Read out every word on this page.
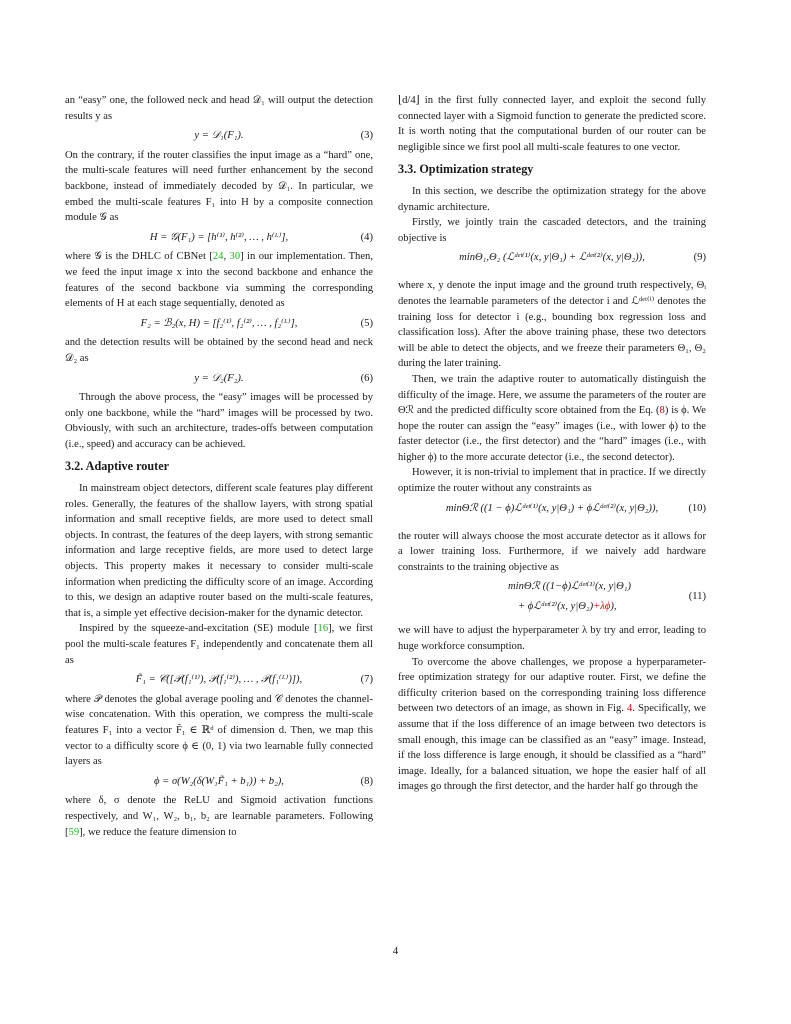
an “easy” one, the followed neck and head 𝒟₁ will output the detection results y as

y = 𝒟₁(F₁).	(3)

On the contrary, if the router classifies the input image as a “hard” one, the multi-scale features will need further enhancement by the second backbone, instead of immediately decoded by 𝒟₁. In particular, we embed the multi-scale features F₁ into H by a composite connection module 𝒢 as

H = 𝒢(F₁) = [h⁽¹⁾, h⁽²⁾, … , h⁽ᴸ⁾],	(4)

where 𝒢 is the DHLC of CBNet [24, 30] in our implementation. Then, we feed the input image x into the second backbone and enhance the features of the second backbone via summing the corresponding elements of H at each stage sequentially, denoted as

F₂ = ℬ₂(x, H) = [f₂⁽¹⁾, f₂⁽²⁾, … , f₂⁽ᴸ⁾],	(5)

and the detection results will be obtained by the second head and neck 𝒟₂ as

y = 𝒟₂(F₂).	(6)

Through the above process, the “easy” images will be processed by only one backbone, while the “hard” images will be processed by two. Obviously, with such an architecture, trades-offs between computation (i.e., speed) and accuracy can be achieved.

3.2. Adaptive router

In mainstream object detectors, different scale features play different roles. Generally, the features of the shallow layers, with strong spatial information and small receptive fields, are more used to detect small objects. In contrast, the features of the deep layers, with strong semantic information and large receptive fields, are more used to detect large objects. This property makes it necessary to consider multi-scale information when predicting the difficulty score of an image. According to this, we design an adaptive router based on the multi-scale features, that is, a simple yet effective decision-maker for the dynamic detector.

Inspired by the squeeze-and-excitation (SE) module [16], we first pool the multi-scale features F₁ independently and concatenate them all as

F̃₁ = 𝒞([𝒫(f₁⁽¹⁾), 𝒫(f₁⁽²⁾), … , 𝒫(f₁⁽ᴸ⁾)]),	(7)

where 𝒫 denotes the global average pooling and 𝒞 denotes the channel-wise concatenation. With this operation, we compress the multi-scale features F₁ into a vector F̃₁ ∈ ℝᵈ of dimension d. Then, we map this vector to a difficulty score ϕ ∈ (0, 1) via two learnable fully connected layers as

ϕ = σ(W₂(δ(W₁F̃₁ + b₁)) + b₂),	(8)

where δ, σ denote the ReLU and Sigmoid activation functions respectively, and W₁, W₂, b₁, b₂ are learnable parameters. Following [59], we reduce the feature dimension to

⌊d/4⌋ in the first fully connected layer, and exploit the second fully connected layer with a Sigmoid function to generate the predicted score. It is worth noting that the computational burden of our router can be negligible since we first pool all multi-scale features to one vector.

3.3. Optimization strategy

In this section, we describe the optimization strategy for the above dynamic architecture.

Firstly, we jointly train the cascaded detectors, and the training objective is

minΘ₁,Θ₂ (ℒᵈᵉᵗ⁽¹⁾(x, y|Θ₁) + ℒᵈᵉᵗ⁽²⁾(x, y|Θ₂)),	(9)

where x, y denote the input image and the ground truth respectively, Θᵢ denotes the learnable parameters of the detector i and ℒᵈᵉᵗ⁽ⁱ⁾ denotes the training loss for detector i (e.g., bounding box regression loss and classification loss). After the above training phase, these two detectors will be able to detect the objects, and we freeze their parameters Θ₁, Θ₂ during the later training.

Then, we train the adaptive router to automatically distinguish the difficulty of the image. Here, we assume the parameters of the router are Θℛ and the predicted difficulty score obtained from the Eq. (8) is ϕ. We hope the router can assign the “easy” images (i.e., with lower ϕ) to the faster detector (i.e., the first detector) and the “hard” images (i.e., with higher ϕ) to the more accurate detector (i.e., the second detector).

However, it is non-trivial to implement that in practice. If we directly optimize the router without any constraints as

minΘℛ ((1 − ϕ)ℒᵈᵉᵗ⁽¹⁾(x, y|Θ₁) + ϕℒᵈᵉᵗ⁽²⁾(x, y|Θ₂)),	(10)

the router will always choose the most accurate detector as it allows for a lower training loss. Furthermore, if we naively add hardware constraints to the training objective as

minΘℛ ((1−ϕ)ℒᵈᵉᵗ⁽¹⁾(x, y|Θ₁)
+ ϕℒᵈᵉᵗ⁽²⁾(x, y|Θ₂)+λϕ),
(11)

we will have to adjust the hyperparameter λ by try and error, leading to huge workforce consumption.

To overcome the above challenges, we propose a hyperparameter-free optimization strategy for our adaptive router. First, we define the difficulty criterion based on the corresponding training loss difference between two detectors of an image, as shown in Fig. 4. Specifically, we assume that if the loss difference of an image between two detectors is small enough, this image can be classified as an “easy” image. Instead, if the loss difference is large enough, it should be classified as a “hard” image. Ideally, for a balanced situation, we hope the easier half of all images go through the first detector, and the harder half go through the

4
